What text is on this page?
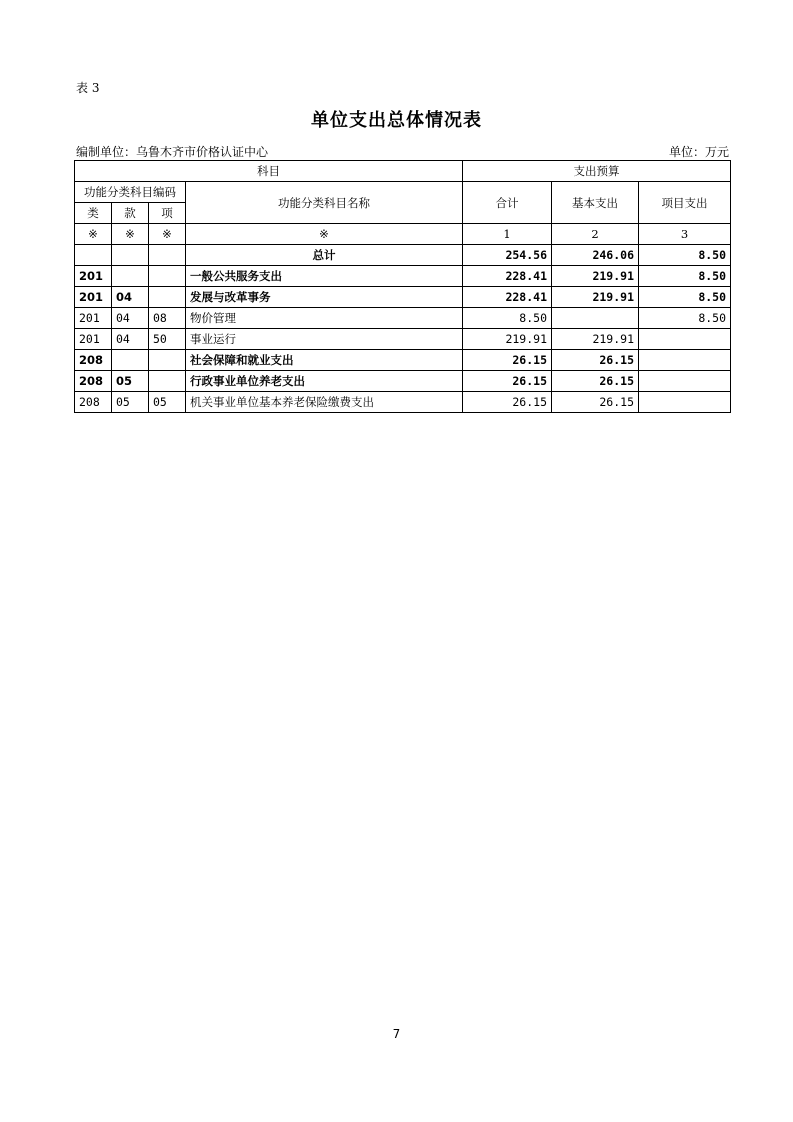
表 3
单位支出总体情况表
编制单位：乌鲁木齐市价格认证中心	单位：万元
科目				支出预算		
功能分类科目编码			功能分类科目名称	合计	基本支出	项目支出
类	款	项				
※	※	※	※	1	2	3
			总计	254.56	246.06	8.50
201			一般公共服务支出	228.41	219.91	8.50
201	04		发展与改革事务	228.41	219.91	8.50
201	04	08	物价管理	8.50		8.50
201	04	50	事业运行	219.91	219.91	
208			社会保障和就业支出	26.15	26.15	
208	05		行政事业单位养老支出	26.15	26.15	
208	05	05	机关事业单位基本养老保险缴费支出	26.15	26.15	
7
